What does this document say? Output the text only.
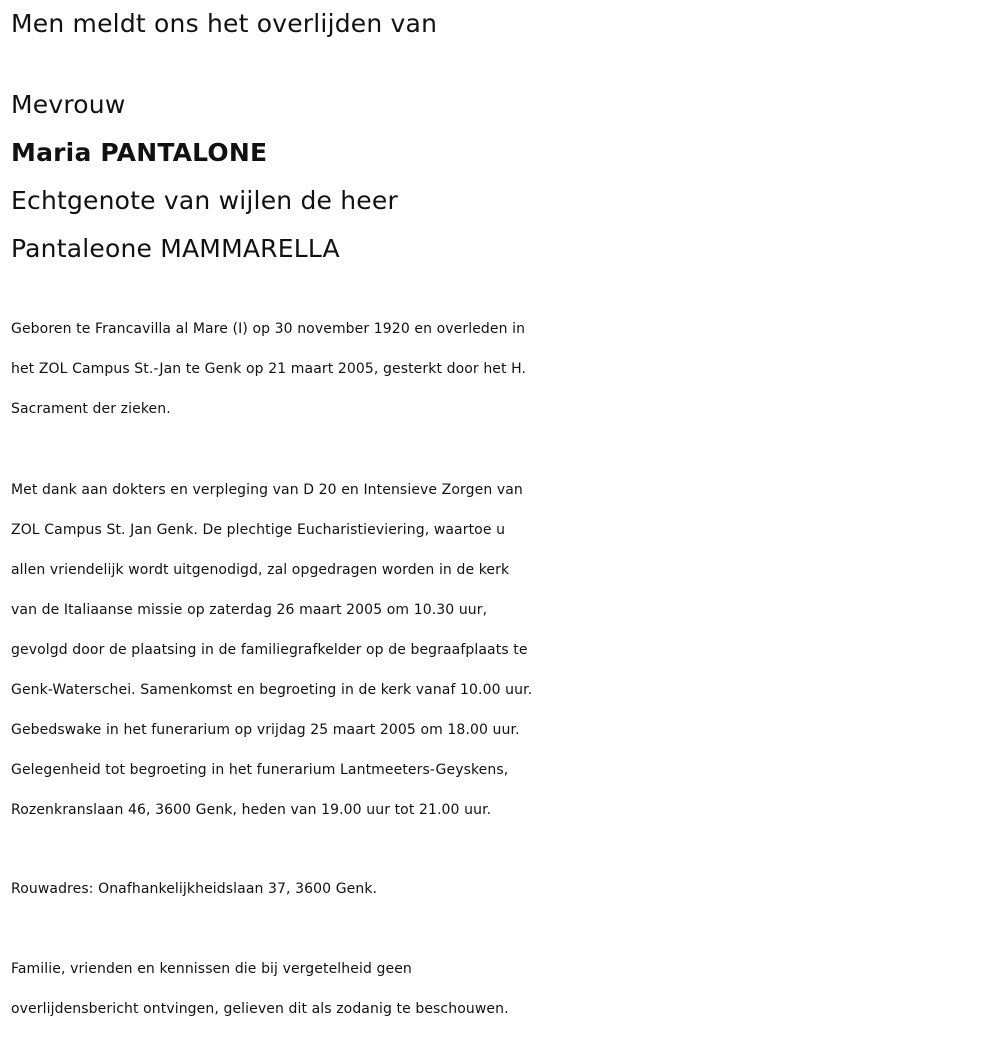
Men meldt ons het overlijden van
Mevrouw
Maria PANTALONE
Echtgenote van wijlen de heer
Pantaleone MAMMARELLA
Geboren te Francavilla al Mare (I) op 30 november 1920 en overleden in
het ZOL Campus St.-Jan te Genk op 21 maart 2005, gesterkt door het H.
Sacrament der zieken.
Met dank aan dokters en verpleging van D 20 en Intensieve Zorgen van
ZOL Campus St. Jan Genk. De plechtige Eucharistieviering, waartoe u
allen vriendelijk wordt uitgenodigd, zal opgedragen worden in de kerk
van de Italiaanse missie op zaterdag 26 maart 2005 om 10.30 uur,
gevolgd door de plaatsing in de familiegrafkelder op de begraafplaats te
Genk-Waterschei. Samenkomst en begroeting in de kerk vanaf 10.00 uur.
Gebedswake in het funerarium op vrijdag 25 maart 2005 om 18.00 uur.
Gelegenheid tot begroeting in het funerarium Lantmeeters-Geyskens,
Rozenkranslaan 46, 3600 Genk, heden van 19.00 uur tot 21.00 uur.
Rouwadres: Onafhankelijkheidslaan 37, 3600 Genk.
Familie, vrienden en kennissen die bij vergetelheid geen
overlijdensbericht ontvingen, gelieven dit als zodanig te beschouwen.
